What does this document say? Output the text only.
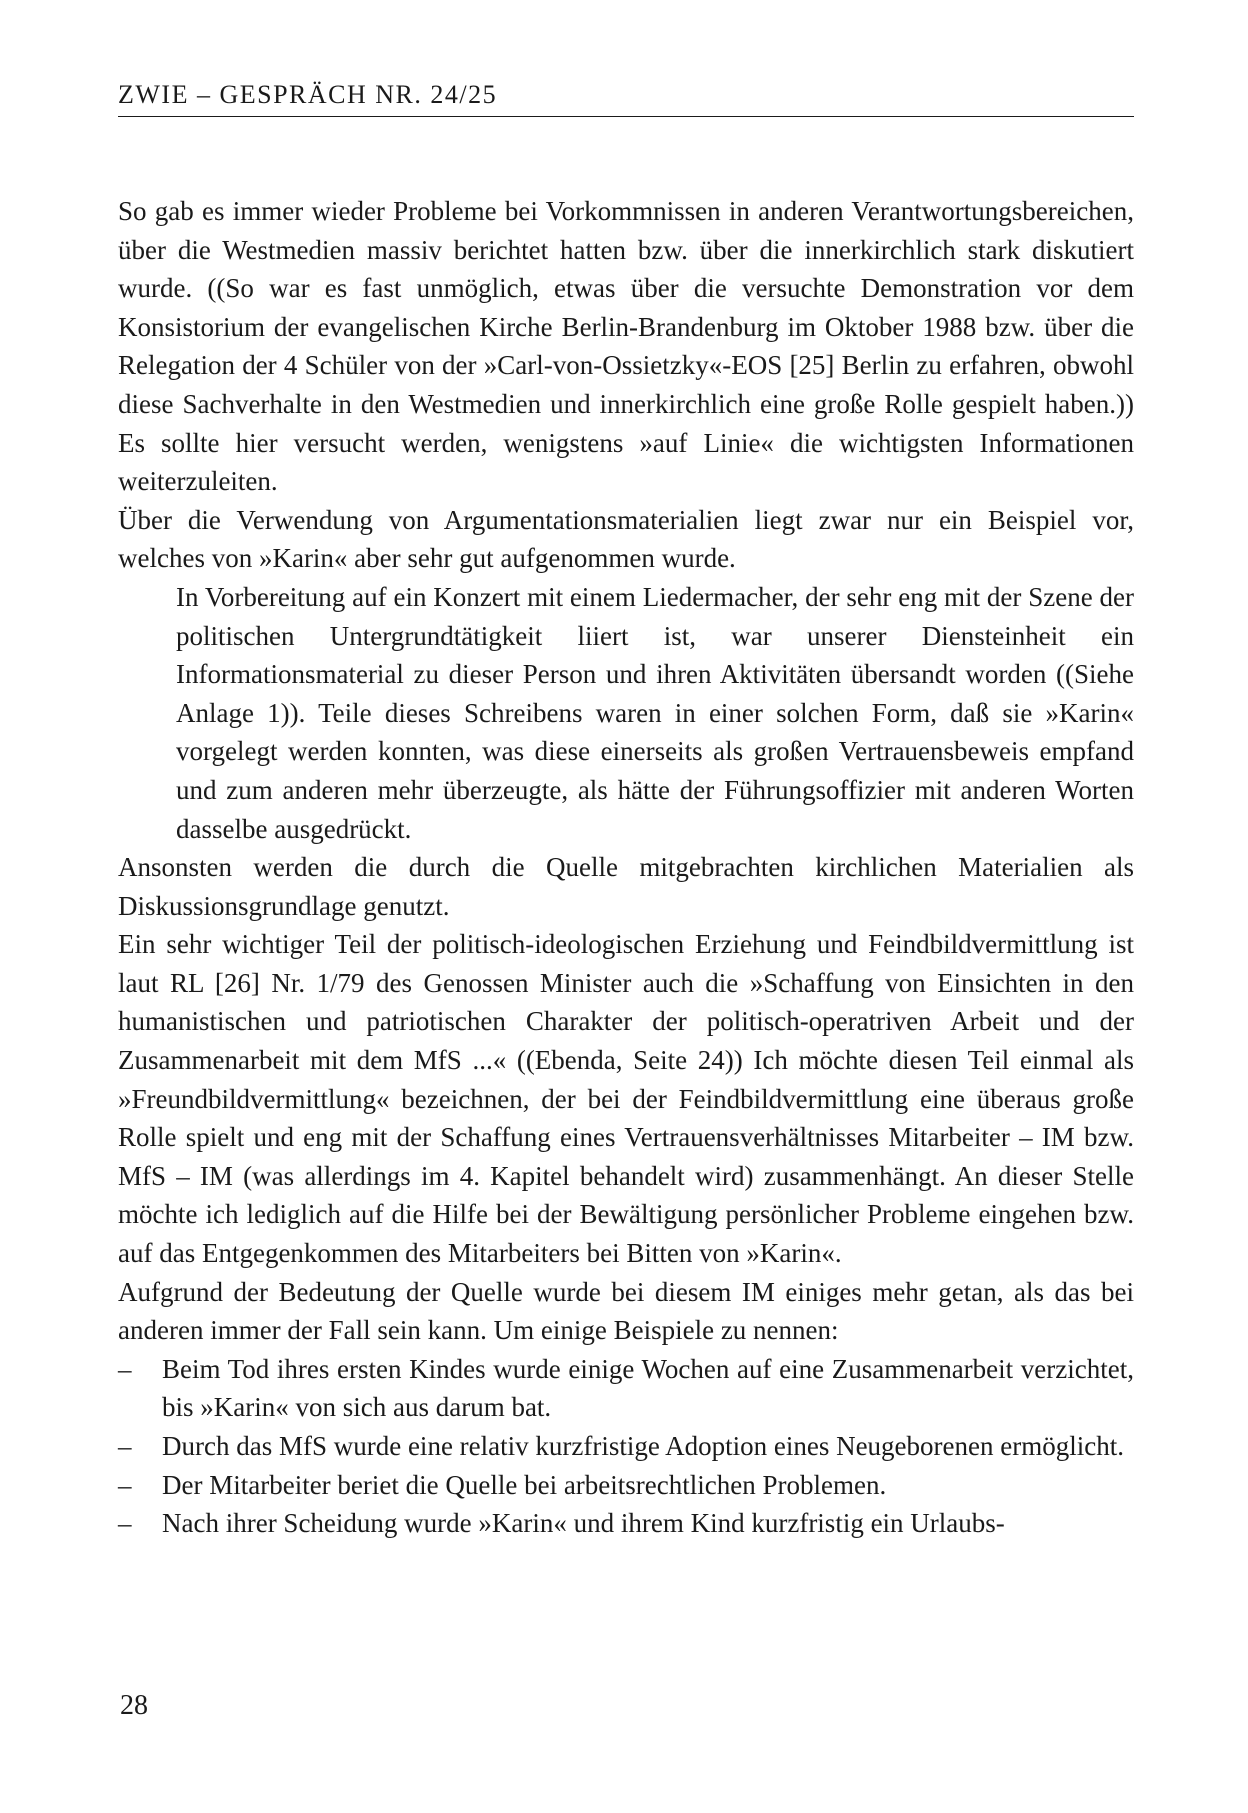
ZWIE – GESPRÄCH NR. 24/25

So gab es immer wieder Probleme bei Vorkommnissen in anderen Verantwortungsbereichen, über die Westmedien massiv berichtet hatten bzw. über die innerkirchlich stark diskutiert wurde. ((So war es fast unmöglich, etwas über die versuchte Demonstration vor dem Konsistorium der evangelischen Kirche Berlin-Brandenburg im Oktober 1988 bzw. über die Relegation der 4 Schüler von der »Carl-von-Ossietzky«-EOS [25] Berlin zu erfahren, obwohl diese Sachverhalte in den Westmedien und innerkirchlich eine große Rolle gespielt haben.)) Es sollte hier versucht werden, wenigstens »auf Linie« die wichtigsten Informationen weiterzuleiten.

Über die Verwendung von Argumentationsmaterialien liegt zwar nur ein Beispiel vor, welches von »Karin« aber sehr gut aufgenommen wurde.

In Vorbereitung auf ein Konzert mit einem Liedermacher, der sehr eng mit der Szene der politischen Untergrundtätigkeit liiert ist, war unserer Diensteinheit ein Informationsmaterial zu dieser Person und ihren Aktivitäten übersandt worden ((Siehe Anlage 1)). Teile dieses Schreibens waren in einer solchen Form, daß sie »Karin« vorgelegt werden konnten, was diese einerseits als großen Vertrauensbeweis empfand und zum anderen mehr überzeugte, als hätte der Führungsoffizier mit anderen Worten dasselbe ausgedrückt.

Ansonsten werden die durch die Quelle mitgebrachten kirchlichen Materialien als Diskussionsgrundlage genutzt.

Ein sehr wichtiger Teil der politisch-ideologischen Erziehung und Feindbildvermittlung ist laut RL [26] Nr. 1/79 des Genossen Minister auch die »Schaffung von Einsichten in den humanistischen und patriotischen Charakter der politisch-operatriven Arbeit und der Zusammenarbeit mit dem MfS ...« ((Ebenda, Seite 24)) Ich möchte diesen Teil einmal als »Freundbildvermittlung« bezeichnen, der bei der Feindbildvermittlung eine überaus große Rolle spielt und eng mit der Schaffung eines Vertrauensverhältnisses Mitarbeiter – IM bzw. MfS – IM (was allerdings im 4. Kapitel behandelt wird) zusammenhängt. An dieser Stelle möchte ich lediglich auf die Hilfe bei der Bewältigung persönlicher Probleme eingehen bzw. auf das Entgegenkommen des Mitarbeiters bei Bitten von »Karin«.

Aufgrund der Bedeutung der Quelle wurde bei diesem IM einiges mehr getan, als das bei anderen immer der Fall sein kann. Um einige Beispiele zu nennen:

– Beim Tod ihres ersten Kindes wurde einige Wochen auf eine Zusammenarbeit verzichtet, bis »Karin« von sich aus darum bat.
– Durch das MfS wurde eine relativ kurzfristige Adoption eines Neugeborenen ermöglicht.
– Der Mitarbeiter beriet die Quelle bei arbeitsrechtlichen Problemen.
– Nach ihrer Scheidung wurde »Karin« und ihrem Kind kurzfristig ein Urlaubs-
28
